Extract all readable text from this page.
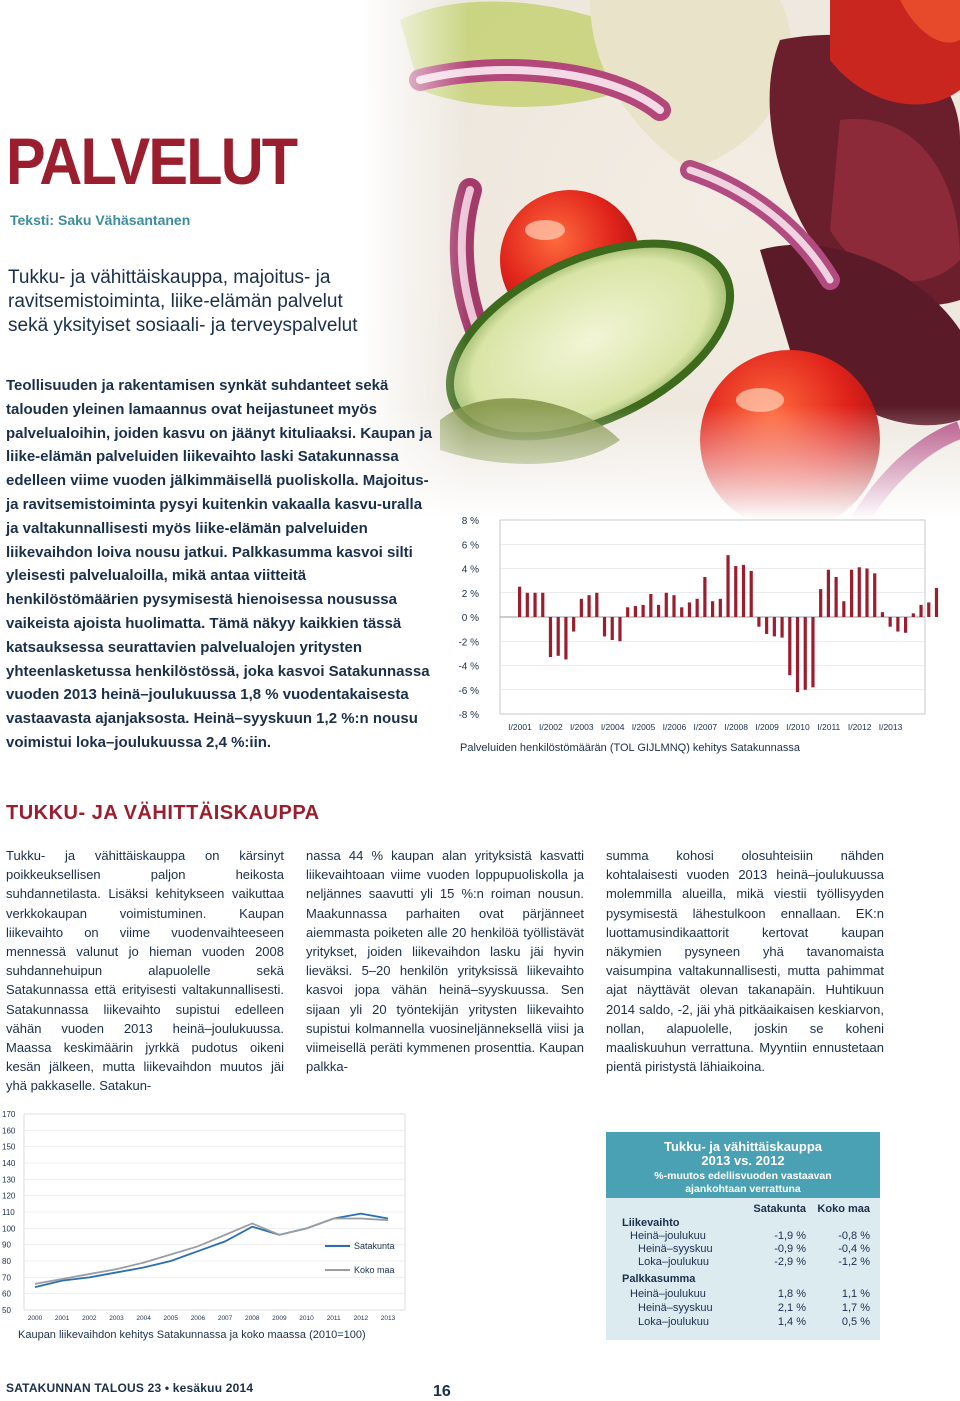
PALVELUT
Teksti: Saku Vähäsantanen
Tukku- ja vähittäiskauppa, majoitus- ja ravitsemistoiminta, liike-elämän palvelut sekä yksityiset sosiaali- ja terveyspalvelut

Teollisuuden ja rakentamisen synkät suhdanteet sekä talouden yleinen lamaannus ovat heijastuneet myös palvelualoihin, joiden kasvu on jäänyt kituliaaksi. Kaupan ja liike-elämän palveluiden liikevaihto laski Satakunnassa edelleen viime vuoden jälkimmäisellä puoliskolla. Majoitus- ja ravitsemistoiminta pysyi kuitenkin vakaalla kasvu-uralla ja valtakunnallisesti myös liike-elämän palveluiden liikevaihdon loiva nousu jatkui. Palkkasumma kasvoi silti yleisesti palvelualoilla, mikä antaa viitteitä henkilöstömäärien pysymisestä hienoisessa nousussa vaikeista ajoista huolimatta. Tämä näkyy kaikkien tässä katsauksessa seurattavien palvelualojen yritysten yhteenlasketussa henkilöstössä, joka kasvoi Satakunnassa vuoden 2013 heinä–joulukuussa 1,8 % vuodentakaisesta vastaavasta ajanjaksosta. Heinä–syyskuun 1,2 %:n nousu voimistui loka–joulukuussa 2,4 %:iin.

8 %
6 %
4 %
2 %
0 %
-2 %
-4 %
-6 %
-8 %
I/2001 I/2002 I/2003 I/2004 I/2005 I/2006 I/2007 I/2008 I/2009 I/2010 I/2011 I/2012 I/2013
Palveluiden henkilöstömäärän (TOL GIJLMNQ) kehitys Satakunnassa
TUKKU- JA VÄHITTÄISKAUPPA

Tukku- ja vähittäiskauppa on kärsinyt poikkeuksellisen paljon heikosta suhdannetilasta. Lisäksi kehitykseen vaikuttaa verkkokaupan voimistuminen. Kaupan liikevaihto on viime vuodenvaihteeseen mennessä valunut jo hieman vuoden 2008 suhdannehuipun alapuolelle sekä Satakunnassa että erityisesti valtakunnallisesti. Satakunnassa liikevaihto supistui edelleen vähän vuoden 2013 heinä–joulukuussa. Maassa keskimäärin jyrkkä pudotus oikeni kesän jälkeen, mutta liikevaihdon muutos jäi yhä pakkaselle. Satakun-

nassa 44 % kaupan alan yrityksistä kasvatti liikevaihtoaan viime vuoden loppupuoliskolla ja neljännes saavutti yli 15 %:n roiman nousun. Maakunnassa parhaiten ovat pärjänneet aiemmasta poiketen alle 20 henkilöä työllistävät yritykset, joiden liikevaihdon lasku jäi hyvin lieväksi. 5–20 henkilön yrityksissä liikevaihto kasvoi jopa vähän heinä–syyskuussa. Sen sijaan yli 20 työntekijän yritysten liikevaihto supistui kolmannella vuosineljänneksellä viisi ja viimeisellä peräti kymmenen prosenttia. Kaupan palkka-

summa kohosi olosuhteisiin nähden kohtalaisesti vuoden 2013 heinä–joulukuussa molemmilla alueilla, mikä viestii työllisyyden pysymisestä lähestulkoon ennallaan. EK:n luottamusindikaattorit kertovat kaupan näkymien pysyneen yhä tavanomaista vaisumpina valtakunnallisesti, mutta pahimmat ajat näyttävät olevan takanapäin. Huhtikuun 2014 saldo, -2, jäi yhä pitkäaikaisen keskiarvon, nollan, alapuolelle, joskin se koheni maaliskuuhun verrattuna. Myyntiin ennustetaan pientä piristystä lähiaikoina.

170
160
150
140
130
120
110
100
90
80
70
60
50
2000 2001 2002 2003 2004 2005 2006 2007 2008 2009 2010 2011 2012 2013
Satakunta
Koko maa
Kaupan liikevaihdon kehitys Satakunnassa ja koko maassa (2010=100)
Tukku- ja vähittäiskauppa
2013 vs. 2012
%-muutos edellisvuoden vastaavan
ajankohtaan verrattuna
Satakunta Koko maa
Liikevaihto
Heinä–joulukuu	-1,9 %	-0,8 %
Heinä–syyskuu	-0,9 %	-0,4 %
Loka–joulukuu	-2,9 %	-1,2 %
Palkkasumma
Heinä–joulukuu	1,8 %	1,1 %
Heinä–syyskuu	2,1 %	1,7 %
Loka–joulukuu	1,4 %	0,5 %
SATAKUNNAN TALOUS 23 • kesäkuu 2014	16
